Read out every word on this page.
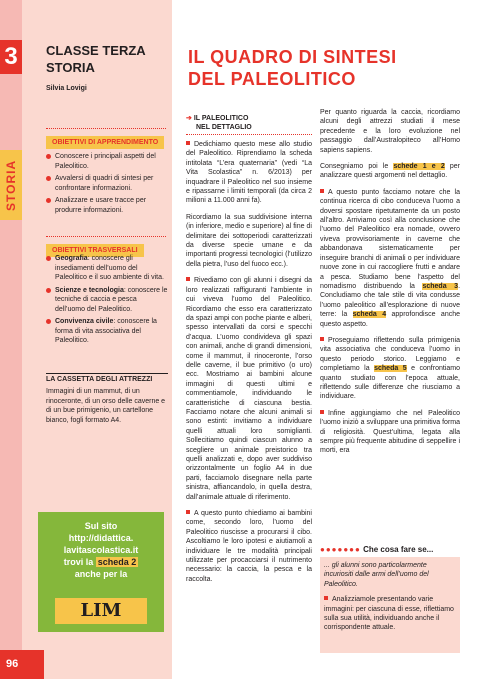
3
STORIA
CLASSE TERZA
STORIA
Silvia Lovigi
OBIETTIVI DI APPRENDIMENTO
Conoscere i principali aspetti del Paleolitico.
Avvalersi di quadri di sintesi per confrontare informazioni.
Analizzare e usare tracce per produrre informazioni.
OBIETTIVI TRASVERSALI
Geografia: conoscere gli insediamenti dell’uomo del Paleolitico e il suo ambiente di vita.
Scienze e tecnologia: conoscere le tecniche di caccia e pesca dell’uomo del Paleolitico.
Convivenza civile: conoscere la forma di vita associativa del Paleolitico.
LA CASSETTA DEGLI ATTREZZI
Immagini di un mammut, di un rinoceronte, di un orso delle caverne e di un bue primigenio, un cartellone bianco, fogli formato A4.
Sul sito
http://didattica.
lavitascolastica.it
trovi la scheda 2
anche per la
LIM
96
IL QUADRO DI SINTESI
DEL PALEOLITICO
➔ IL PALEOLITICO
NEL DETTAGLIO

Dedichiamo questo mese allo studio del Paleolitico. Riprendiamo la scheda intitolata “L’era quaternaria” (vedi “La Vita Scolastica” n. 6/2013) per inquadrare il Paleolitico nel suo insieme e ripassarne i limiti temporali (da circa 2 milioni a 11.000 anni fa).

Ricordiamo la sua suddivisione interna (in inferiore, medio e superiore) al fine di delimitare dei sottoperiodi caratterizzati da diverse specie umane e da importanti progressi tecnologici (l’utilizzo della pietra, l’uso del fuoco ecc.).

Rivediamo con gli alunni i disegni da loro realizzati raffiguranti l’ambiente in cui viveva l’uomo del Paleolitico. Ricordiamo che esso era caratterizzato da spazi ampi con poche piante e alberi, spesso intervallati da corsi e specchi d’acqua. L’uomo condivideva gli spazi con animali, anche di grandi dimensioni, come il mammut, il rinoceronte, l’orso delle caverne, il bue primitivo (o uro) ecc. Mostriamo ai bambini alcune immagini di questi ultimi e commentiamole, individuando le caratteristiche di ciascuna bestia. Facciamo notare che alcuni animali si sono estinti: invitiamo a individuare quelli attuali loro somiglianti. Sollecitiamo quindi ciascun alunno a scegliere un animale preistorico tra quelli analizzati e, dopo aver suddiviso orizzontalmente un foglio A4 in due parti, facciamolo disegnare nella parte sinistra, affiancandolo, in quella destra, dall’animale attuale di riferimento.

A questo punto chiediamo ai bambini come, secondo loro, l’uomo del Paleolitico riuscisse a procurarsi il cibo. Ascoltiamo le loro ipotesi e aiutiamoli a individuare le tre modalità principali utilizzate per procacciarsi il nutrimento necessario: la caccia, la pesca e la raccolta.

Per quanto riguarda la caccia, ricordiamo alcuni degli attrezzi studiati il mese precedente e la loro evoluzione nel passaggio dall’Australopiteco all’Homo sapiens sapiens.

Consegniamo poi le schede 1 e 2 per analizzare questi argomenti nel dettaglio.

A questo punto facciamo notare che la continua ricerca di cibo conduceva l’uomo a doversi spostare ripetutamente da un posto all’altro. Arriviamo così alla conclusione che l’uomo del Paleolitico era nomade, ovvero viveva provvisoriamente in caverne che abbandonava sistematicamente per inseguire branchi di animali o per individuare nuove zone in cui raccogliere frutti e andare a pesca. Studiamo bene l’aspetto del nomadismo distribuendo la scheda 3. Concludiamo che tale stile di vita condusse l’uomo paleolitico all’esplorazione di nuove terre: la scheda 4 approfondisce anche questo aspetto.

Proseguiamo riflettendo sulla primigenia vita associativa che conduceva l’uomo in questo periodo storico. Leggiamo e completiamo la scheda 5 e confrontiamo quanto studiato con l’epoca attuale, riflettendo sulle differenze che riusciamo a individuare.

Infine aggiungiamo che nel Paleolitico l’uomo iniziò a sviluppare una primitiva forma di religiosità. Quest’ultima, legata alla sempre più frequente abitudine di seppellire i morti, era

●●●●●●● Che cosa fare se...

... gli alunni sono particolarmente incuriositi dalle armi dell’uomo del Paleolitico.

Analizziamole presentando varie immagini: per ciascuna di esse, riflettiamo sulla sua utilità, individuando anche il corrispondente attuale.
